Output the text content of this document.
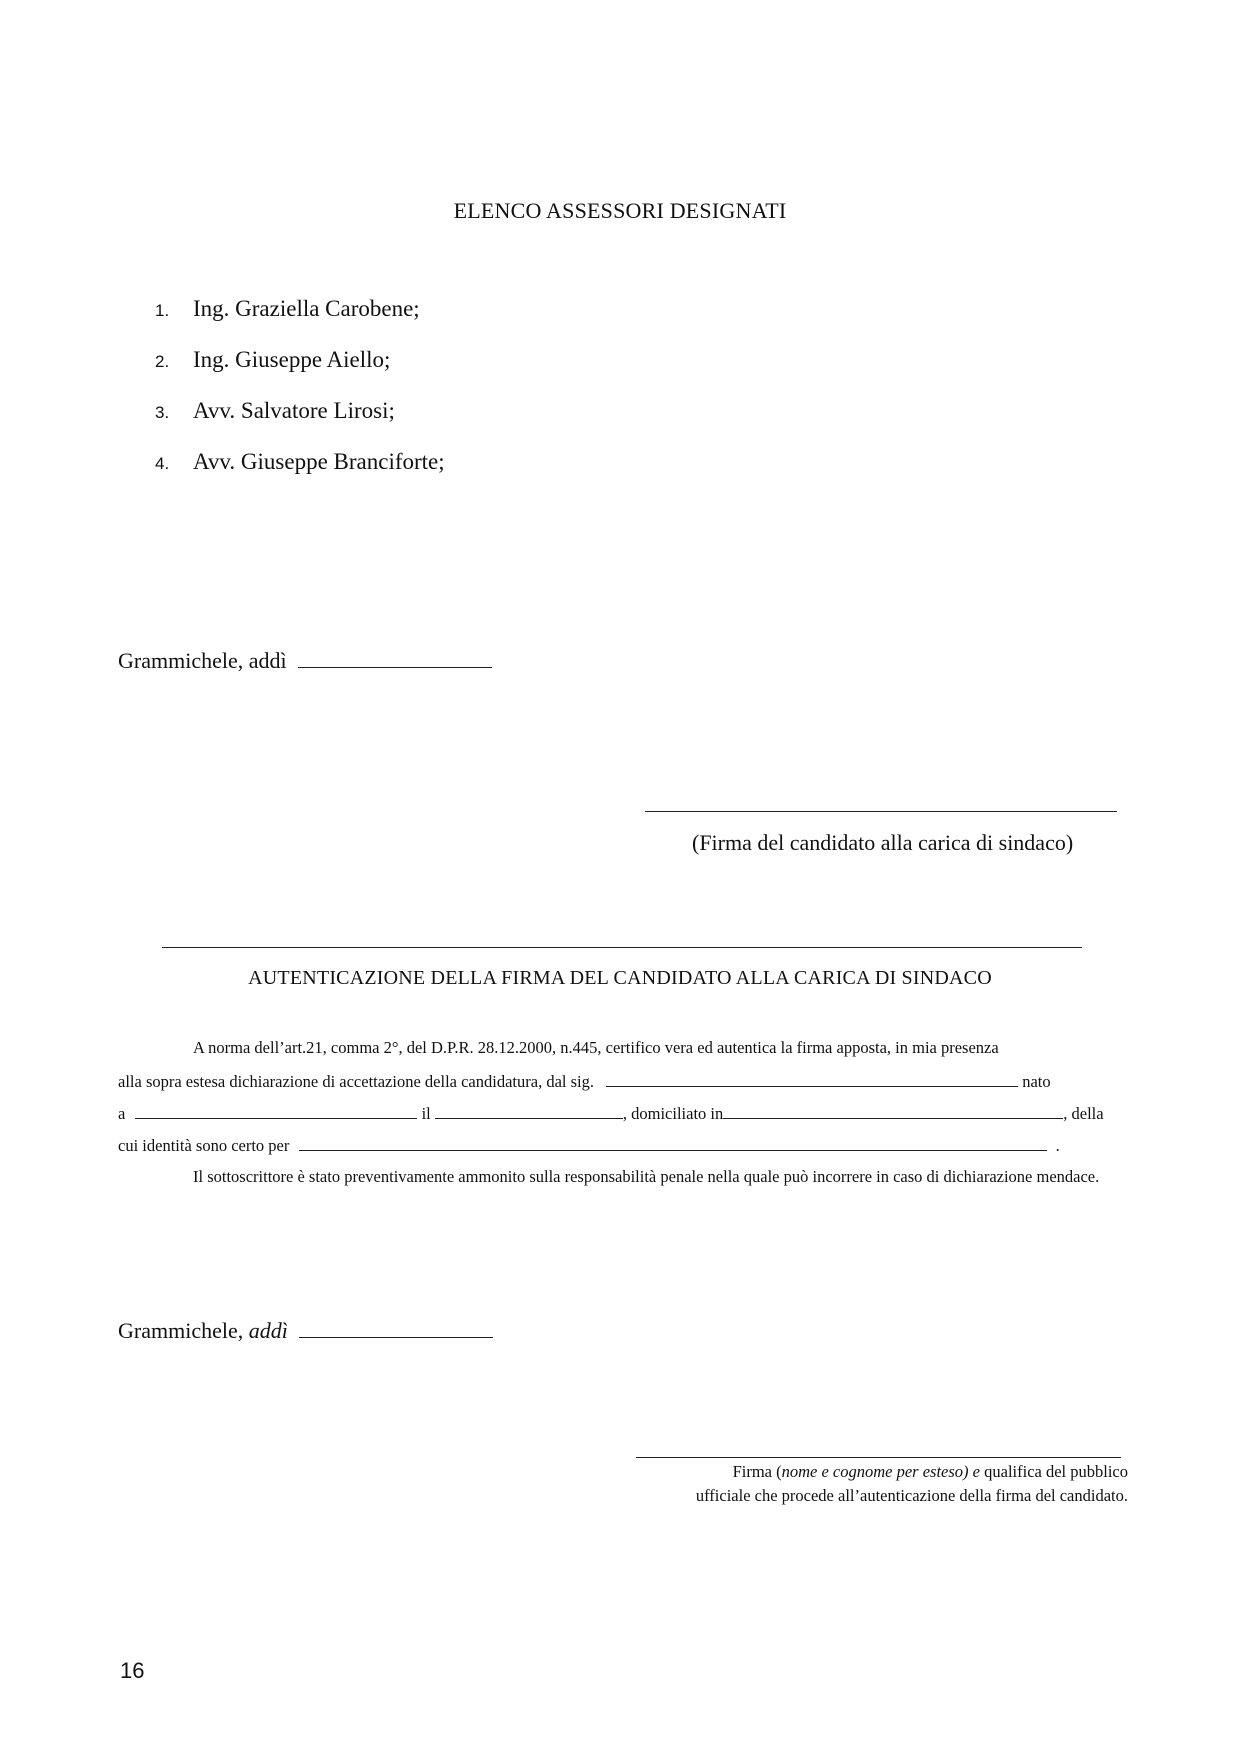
ELENCO ASSESSORI DESIGNATI
1.	Ing. Graziella Carobene;
2.	Ing. Giuseppe Aiello;
3.	Avv. Salvatore Lirosi;
4.	Avv. Giuseppe Branciforte;
Grammichele, addì
(Firma del candidato alla carica di sindaco)
AUTENTICAZIONE DELLA FIRMA DEL CANDIDATO ALLA CARICA DI SINDACO
A norma dell’art.21, comma 2°, del D.P.R. 28.12.2000, n.445, certifico vera ed autentica la firma apposta, in mia presenza
alla sopra estesa dichiarazione di accettazione della candidatura, dal sig.	nato
a	il	, domiciliato in	, della
cui identità sono certo per	.
Il sottoscrittore è stato preventivamente ammonito sulla responsabilità penale nella quale può incorrere in caso di dichiarazione mendace.
Grammichele, addì
Firma (nome e cognome per esteso) e qualifica del pubblico
ufficiale che procede all’autenticazione della firma del candidato.
16
